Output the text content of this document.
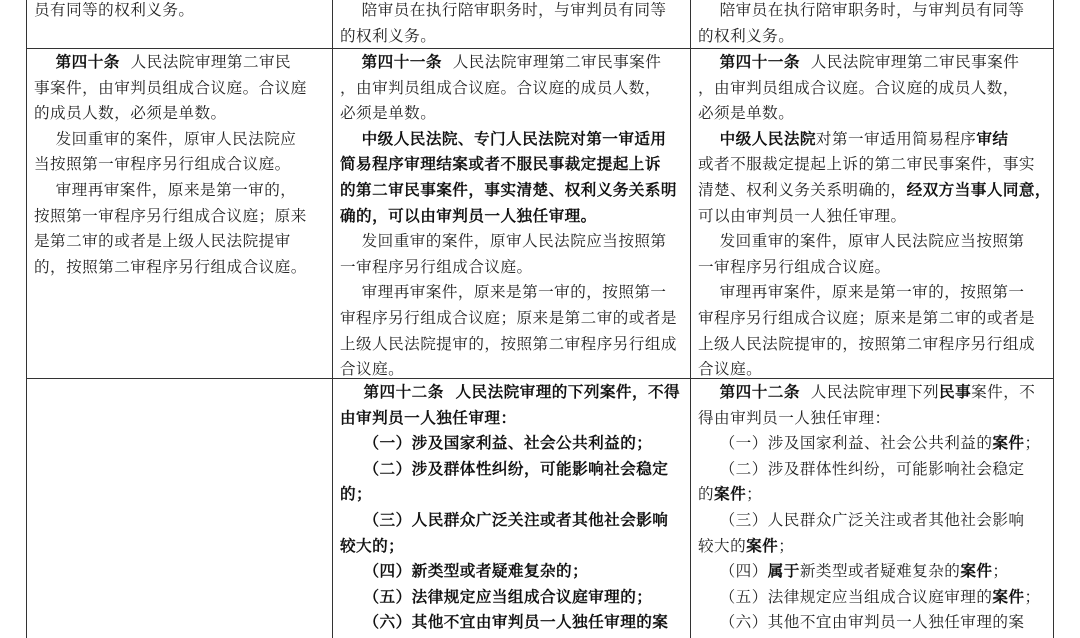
员有同等的权利义务。	陪审员在执行陪审职务时，与审判员有同等
的权利义务。
陪审员在执行陪审职务时，与审判员有同等
的权利义务。
第四十条  人民法院审理第二审民
事案件，由审判员组成合议庭。合议庭
的成员人数，必须是单数。
发回重审的案件，原审人民法院应
当按照第一审程序另行组成合议庭。
审理再审案件，原来是第一审的，
按照第一审程序另行组成合议庭；原来
是第二审的或者是上级人民法院提审
的，按照第二审程序另行组成合议庭。
第四十一条  人民法院审理第二审民事案件
，由审判员组成合议庭。合议庭的成员人数，
必须是单数。
中级人民法院、专门人民法院对第一审适用
简易程序审理结案或者不服民事裁定提起上诉
的第二审民事案件，事实清楚、权利义务关系明
确的，可以由审判员一人独任审理。
发回重审的案件，原审人民法院应当按照第
一审程序另行组成合议庭。
审理再审案件，原来是第一审的，按照第一
审程序另行组成合议庭；原来是第二审的或者是
上级人民法院提审的，按照第二审程序另行组成
合议庭。
第四十一条  人民法院审理第二审民事案件
，由审判员组成合议庭。合议庭的成员人数，
必须是单数。
中级人民法院对第一审适用简易程序审结
或者不服裁定提起上诉的第二审民事案件，事实
清楚、权利义务关系明确的，经双方当事人同意，
可以由审判员一人独任审理。
发回重审的案件，原审人民法院应当按照第
一审程序另行组成合议庭。
审理再审案件，原来是第一审的，按照第一
审程序另行组成合议庭；原来是第二审的或者是
上级人民法院提审的，按照第二审程序另行组成
合议庭。
第四十二条  人民法院审理的下列案件，不得
由审判员一人独任审理：
（一）涉及国家利益、社会公共利益的；
（二）涉及群体性纠纷，可能影响社会稳定
的；
（三）人民群众广泛关注或者其他社会影响
较大的；
（四）新类型或者疑难复杂的；
（五）法律规定应当组成合议庭审理的；
（六）其他不宜由审判员一人独任审理的案
第四十二条  人民法院审理下列民事案件，不
得由审判员一人独任审理：
（一）涉及国家利益、社会公共利益的案件；
（二）涉及群体性纠纷，可能影响社会稳定
的案件；
（三）人民群众广泛关注或者其他社会影响
较大的案件；
（四）属于新类型或者疑难复杂的案件；
（五）法律规定应当组成合议庭审理的案件；
（六）其他不宜由审判员一人独任审理的案
